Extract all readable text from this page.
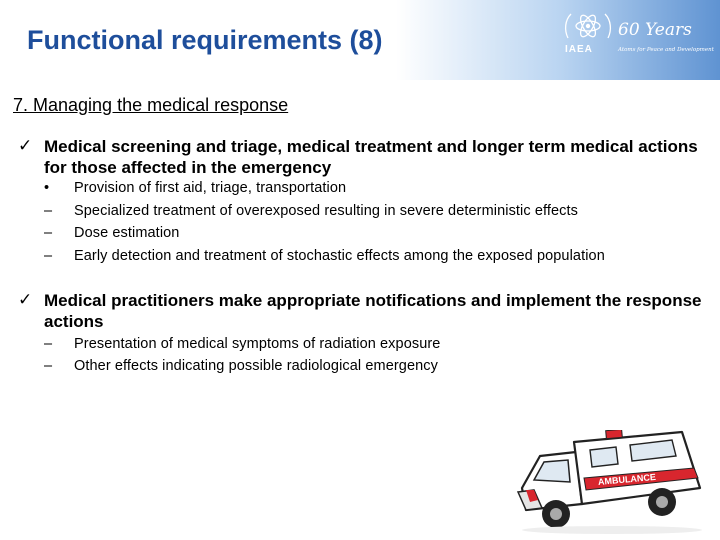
Functional requirements (8)	60 Years
IAEA	Atoms for Peace and Development
7. Managing the medical response
✓ Medical screening and triage, medical treatment and longer term medical actions for those affected in the emergency
• Provision of first aid, triage, transportation
– Specialized treatment of overexposed resulting in severe deterministic effects
– Dose estimation
– Early detection and treatment of stochastic effects among the exposed population
✓ Medical practitioners make appropriate notifications and implement the response actions
– Presentation of medical symptoms of radiation exposure
– Other effects indicating possible radiological emergency
AMBULANCE
